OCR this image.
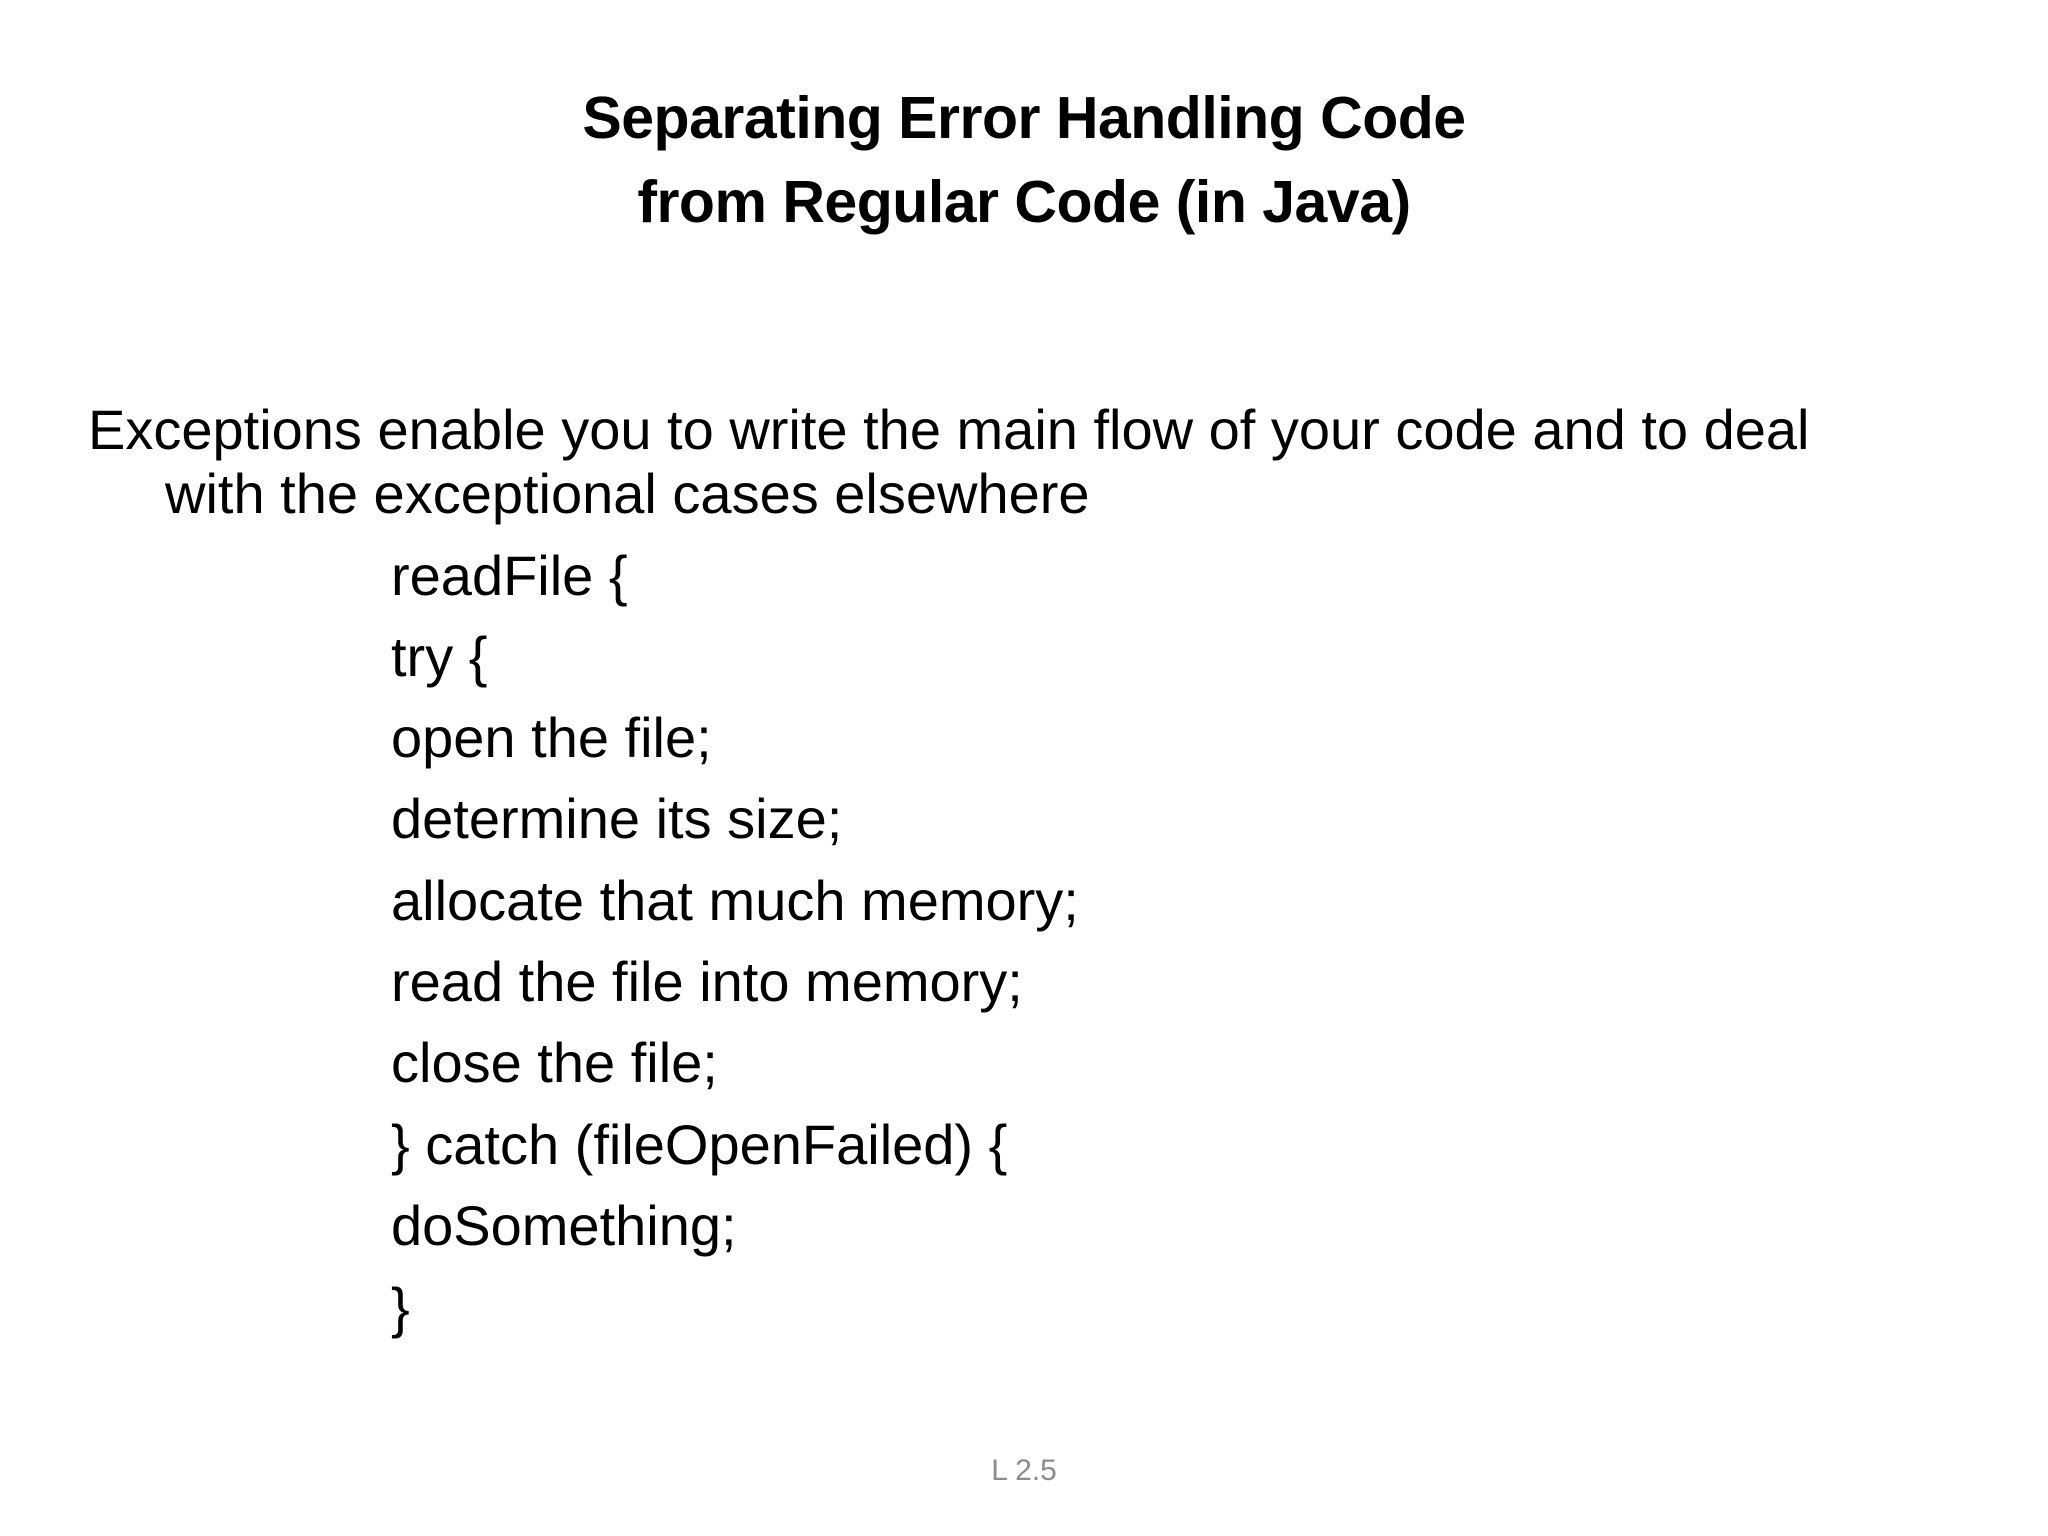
Separating Error Handling Code
from Regular Code (in Java)
Exceptions enable you to write the main flow of your code and to deal
with the exceptional cases elsewhere
readFile {
try {
open the file;
determine its size;
allocate that much memory;
read the file into memory;
close the file;
} catch (fileOpenFailed) {
doSomething;
}
L 2.5
